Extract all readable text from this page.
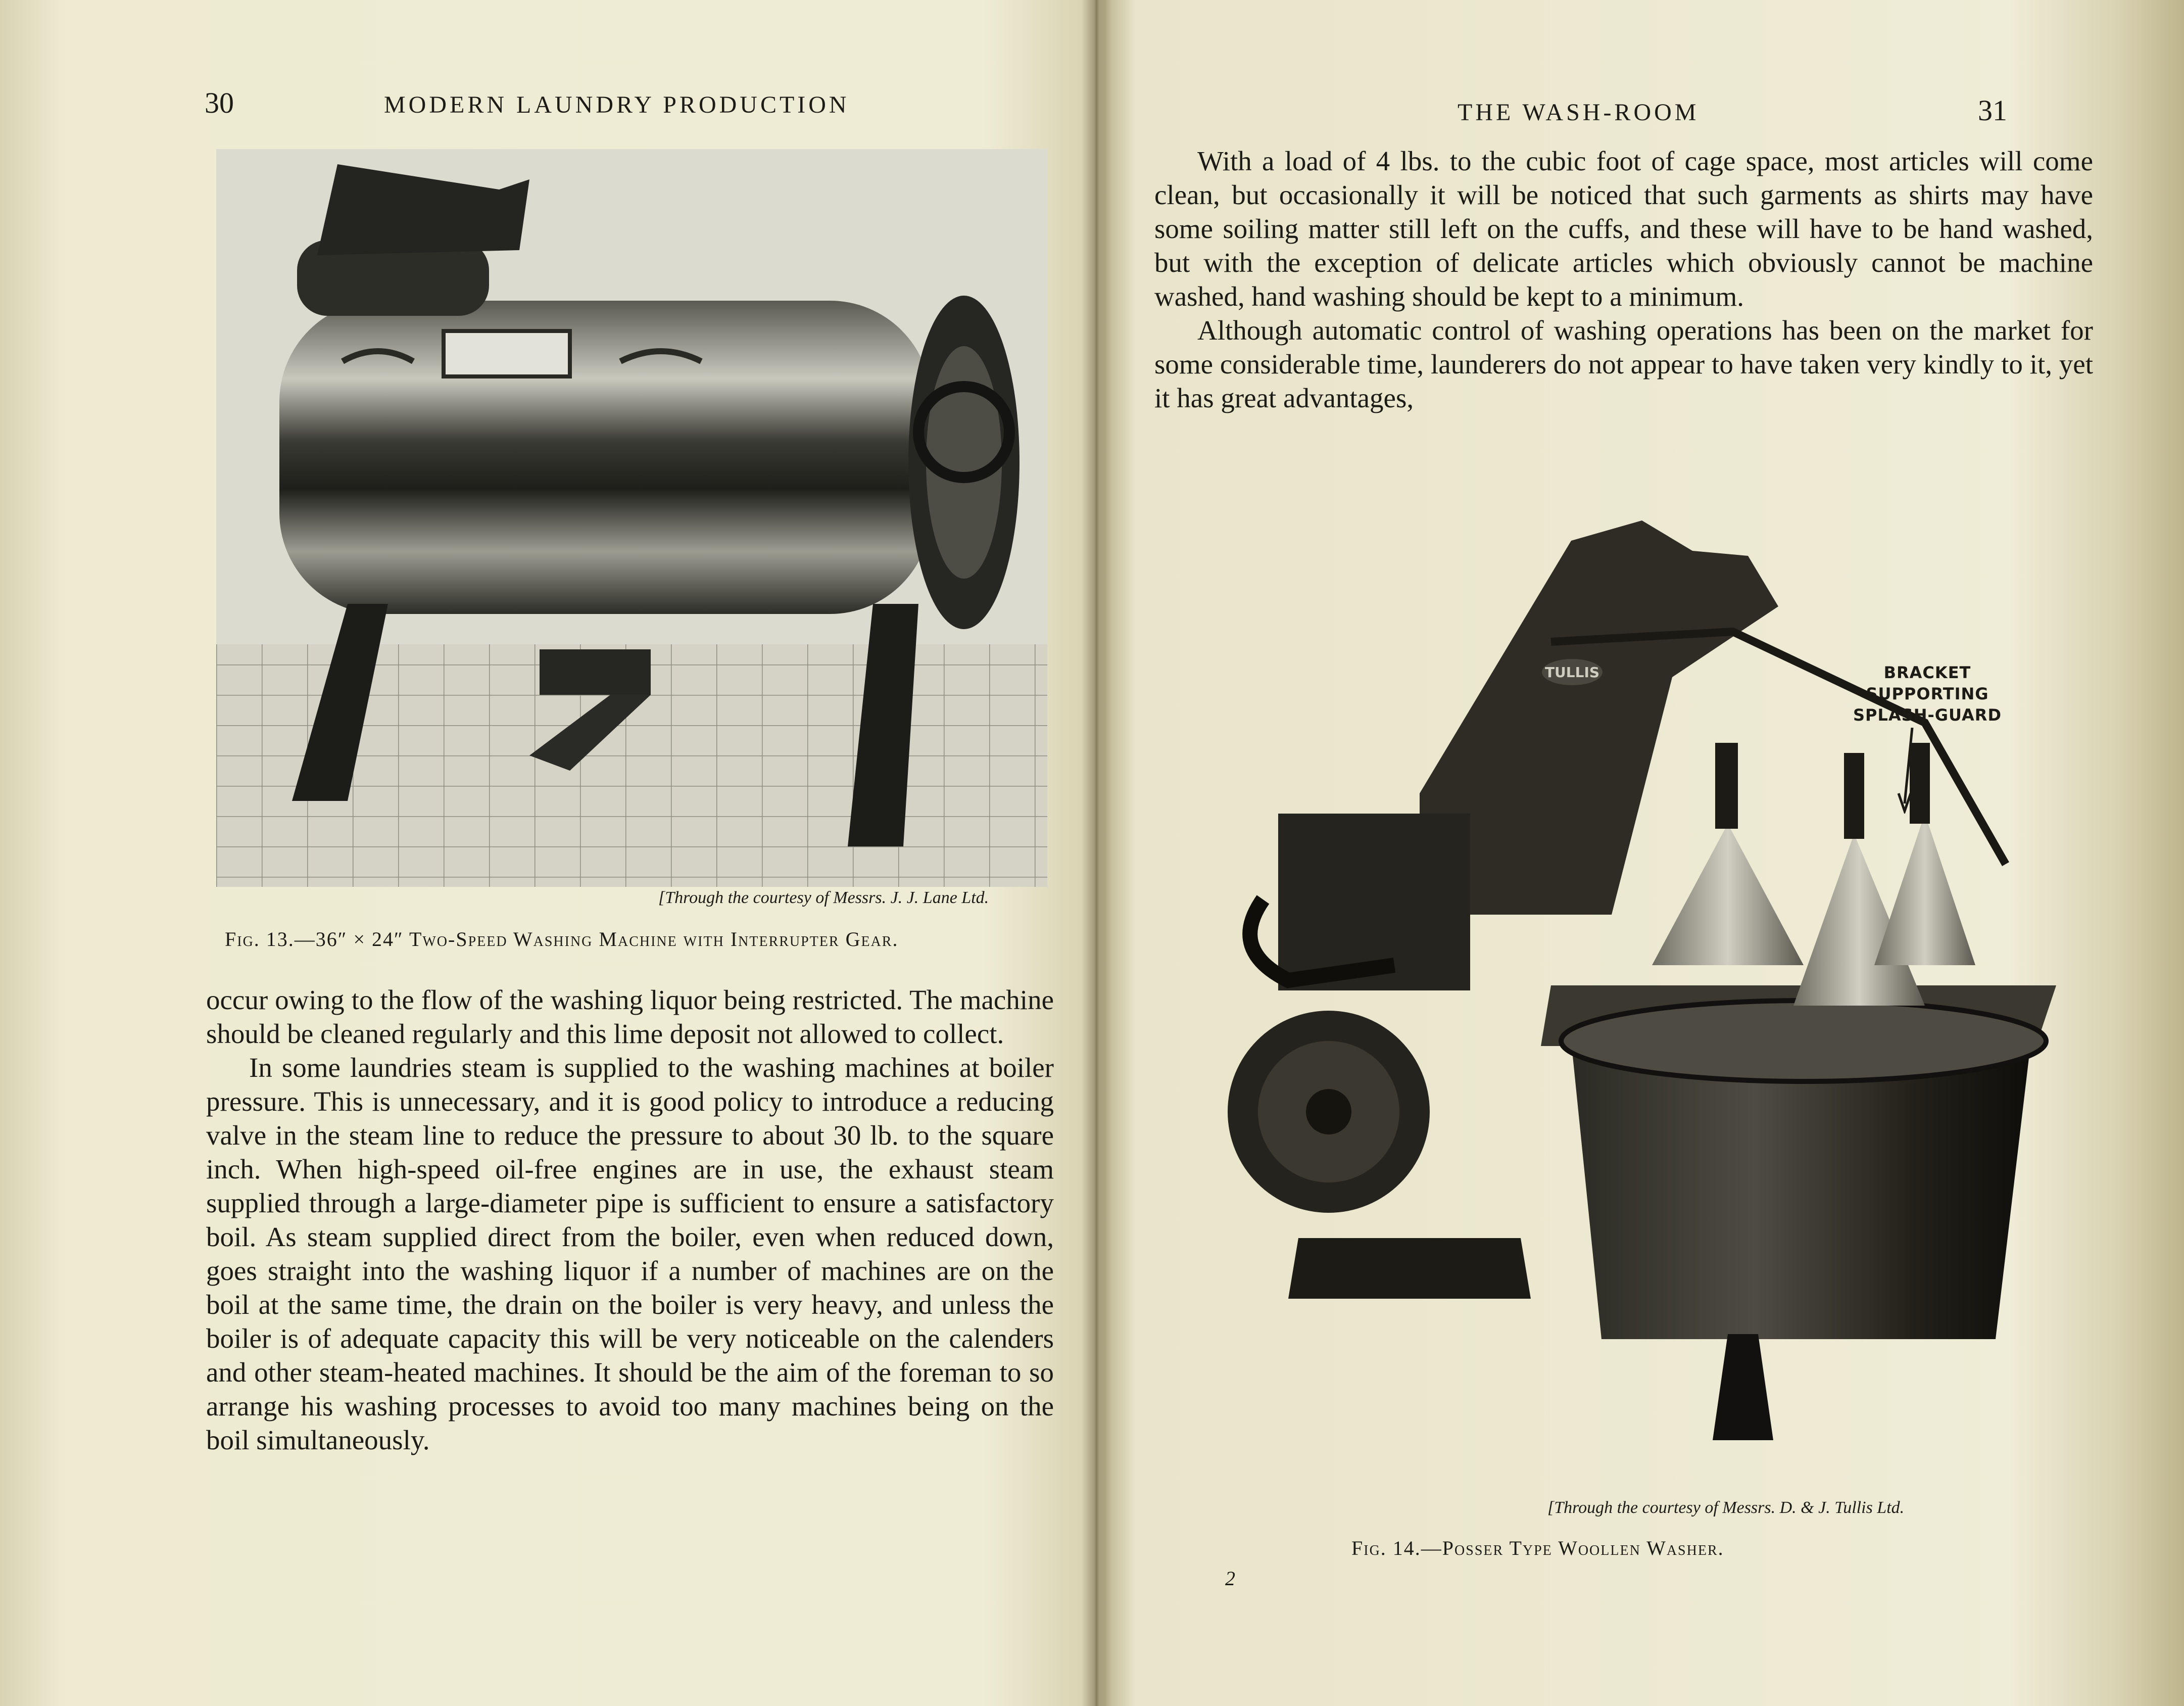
30	MODERN LAUNDRY PRODUCTION
[Through the courtesy of Messrs. J. J. Lane Ltd.
Fig. 13.—36″ × 24″ Two-Speed Washing Machine with Interrupter Gear.

occur owing to the flow of the washing liquor being restricted. The machine should be cleaned regularly and this lime deposit not allowed to collect.

In some laundries steam is supplied to the washing machines at boiler pressure. This is unnecessary, and it is good policy to introduce a reducing valve in the steam line to reduce the pressure to about 30 lb. to the square inch. When high-speed oil-free engines are in use, the exhaust steam supplied through a large-diameter pipe is sufficient to ensure a satisfactory boil. As steam supplied direct from the boiler, even when reduced down, goes straight into the washing liquor if a number of machines are on the boil at the same time, the drain on the boiler is very heavy, and unless the boiler is of adequate capacity this will be very noticeable on the calenders and other steam-heated machines. It should be the aim of the foreman to so arrange his washing processes to avoid too many machines being on the boil simultaneously.

THE WASH-ROOM	31

With a load of 4 lbs. to the cubic foot of cage space, most articles will come clean, but occasionally it will be noticed that such garments as shirts may have some soiling matter still left on the cuffs, and these will have to be hand washed, but with the exception of delicate articles which obviously cannot be machine washed, hand washing should be kept to a minimum.

Although automatic control of washing operations has been on the market for some considerable time, launderers do not appear to have taken very kindly to it, yet it has great advantages,

TULLIS	BRACKET
SUPPORTING
SPLASH-GUARD
[Through the courtesy of Messrs. D. & J. Tullis Ltd.
Fig. 14.—Posser Type Woollen Washer.
2
